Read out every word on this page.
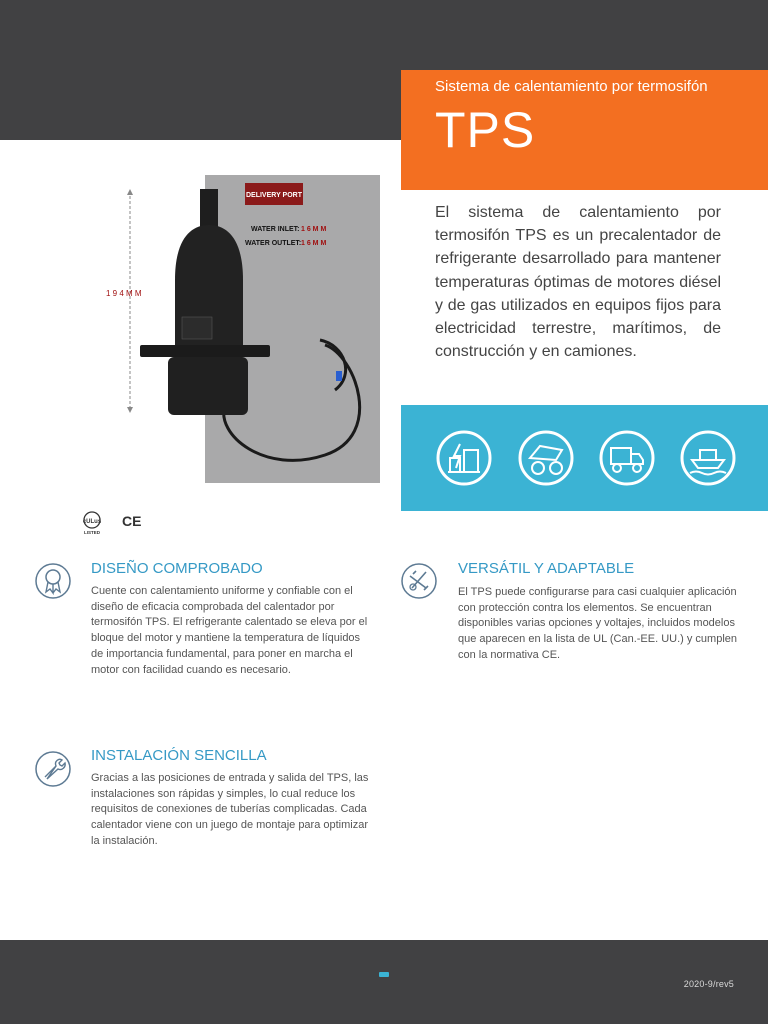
Sistema de calentamiento por termosifón
TPS

El sistema de calentamiento por termosifón TPS es un precalentador de refrigerante desarrollado para mantener temperaturas óptimas de motores diésel y de gas utilizados en equipos fijos para electricidad terrestre, marítimos, de construcción y en camiones.

DELIVERY PORT
WATER INLET: 1 6 M M
WATER OUTLET: 1 6 M M
1 9 4 M M
cULus
LISTED
CE
DISEÑO COMPROBADO

Cuente con calentamiento uniforme y confiable con el diseño de eficacia comprobada del calentador por termosifón TPS. El refrigerante calentado se eleva por el bloque del motor y mantiene la temperatura de líquidos de importancia fundamental, para poner en marcha el motor con facilidad cuando es necesario.

VERSÁTIL Y ADAPTABLE

El TPS puede configurarse para casi cualquier aplicación con protección contra los elementos. Se encuentran disponibles varias opciones y voltajes, incluidos modelos que aparecen en la lista de UL (Can.-EE. UU.) y cumplen con la normativa CE.

INSTALACIÓN SENCILLA

Gracias a las posiciones de entrada y salida del TPS, las instalaciones son rápidas y simples, lo cual reduce los requisitos de conexiones de tuberías complicadas. Cada calentador viene con un juego de montaje para optimizar la instalación.

2020-9/rev5
